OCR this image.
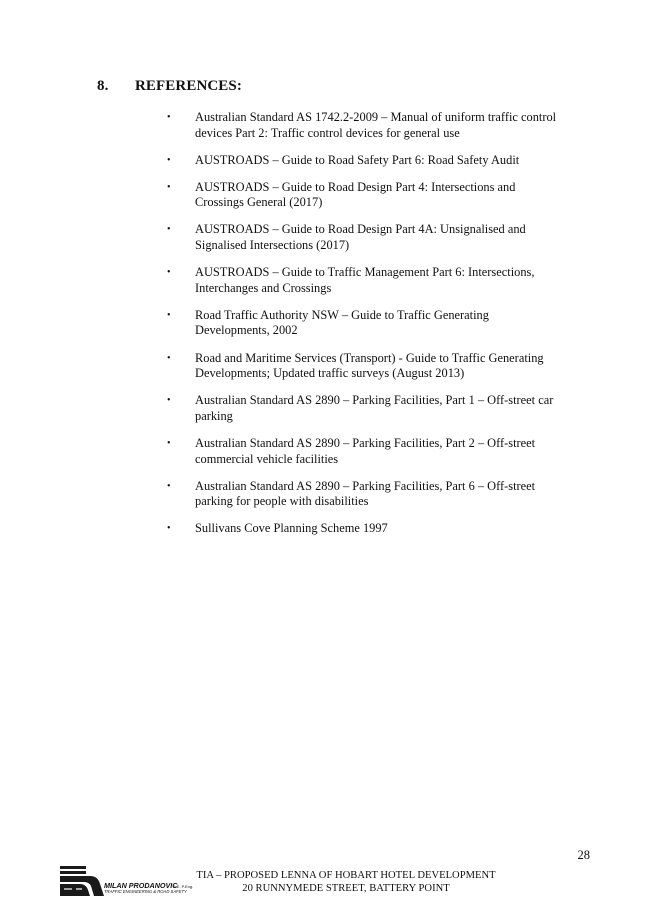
8. REFERENCES:
• Australian Standard AS 1742.2-2009 – Manual of uniform traffic control devices Part 2: Traffic control devices for general use
• AUSTROADS – Guide to Road Safety Part 6: Road Safety Audit
• AUSTROADS – Guide to Road Design Part 4: Intersections and Crossings General (2017)
• AUSTROADS – Guide to Road Design Part 4A: Unsignalised and Signalised Intersections (2017)
• AUSTROADS – Guide to Traffic Management Part 6: Intersections, Interchanges and Crossings
• Road Traffic Authority NSW – Guide to Traffic Generating Developments, 2002
• Road and Maritime Services (Transport) - Guide to Traffic Generating Developments; Updated traffic surveys (August 2013)
• Australian Standard AS 2890 – Parking Facilities, Part 1 – Off-street car parking
• Australian Standard AS 2890 – Parking Facilities, Part 2 – Off-street commercial vehicle facilities
• Australian Standard AS 2890 – Parking Facilities, Part 6 – Off-street parking for people with disabilities
• Sullivans Cove Planning Scheme 1997
28
MILAN PRODANOVIC
B.E. P.Eng.
TRAFFIC ENGINEERING & ROAD SAFETY
TIA – PROPOSED LENNA OF HOBART HOTEL DEVELOPMENT
20 RUNNYMEDE STREET, BATTERY POINT
